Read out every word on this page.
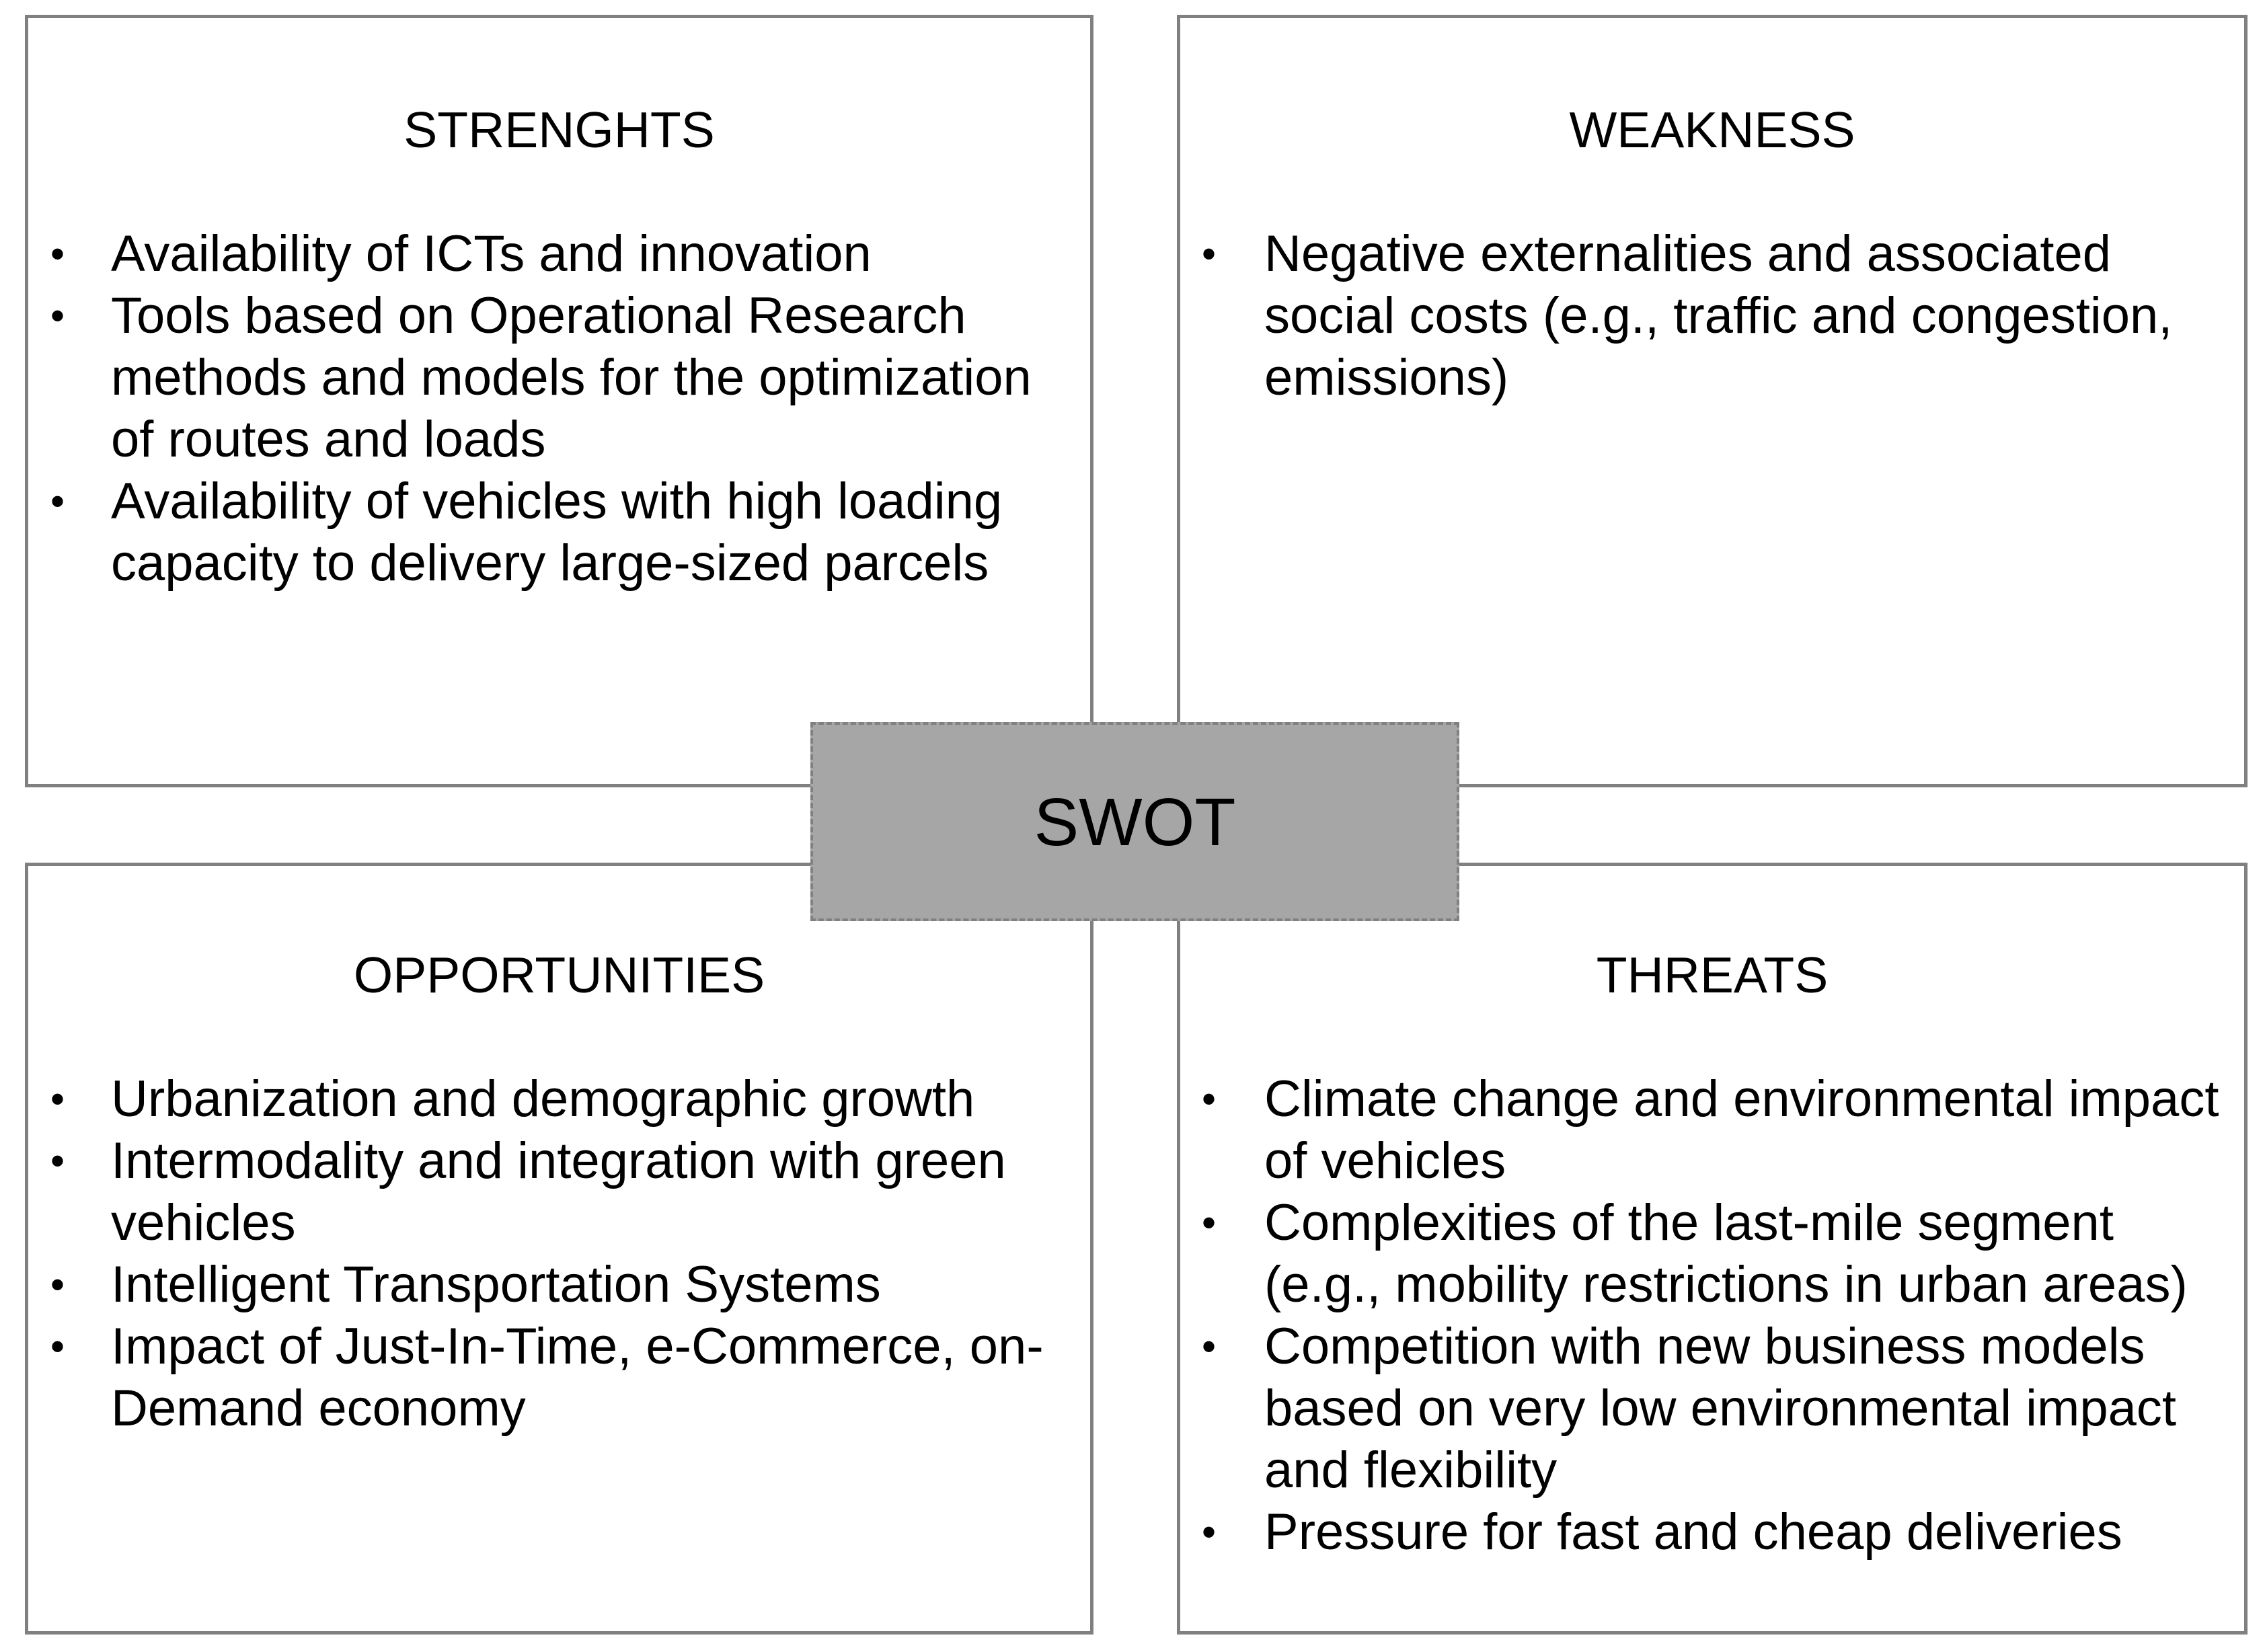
STRENGHTS
• Availability of ICTs and innovation
• Tools based on Operational Research methods and models for the optimization of routes and loads
• Availability of vehicles with high loading capacity to delivery large-sized parcels
WEAKNESS
• Negative externalities and associated social costs (e.g., traffic and congestion, emissions)
OPPORTUNITIES
• Urbanization and demographic growth
• Intermodality and integration with green vehicles
• Intelligent Transportation Systems
• Impact of Just-In-Time, e-Commerce, on-Demand economy
THREATS
• Climate change and environmental impact of vehicles
• Complexities of the last-mile segment (e.g., mobility restrictions in urban areas)
• Competition with new business models based on very low environmental impact and flexibility
• Pressure for fast and cheap deliveries
SWOT
